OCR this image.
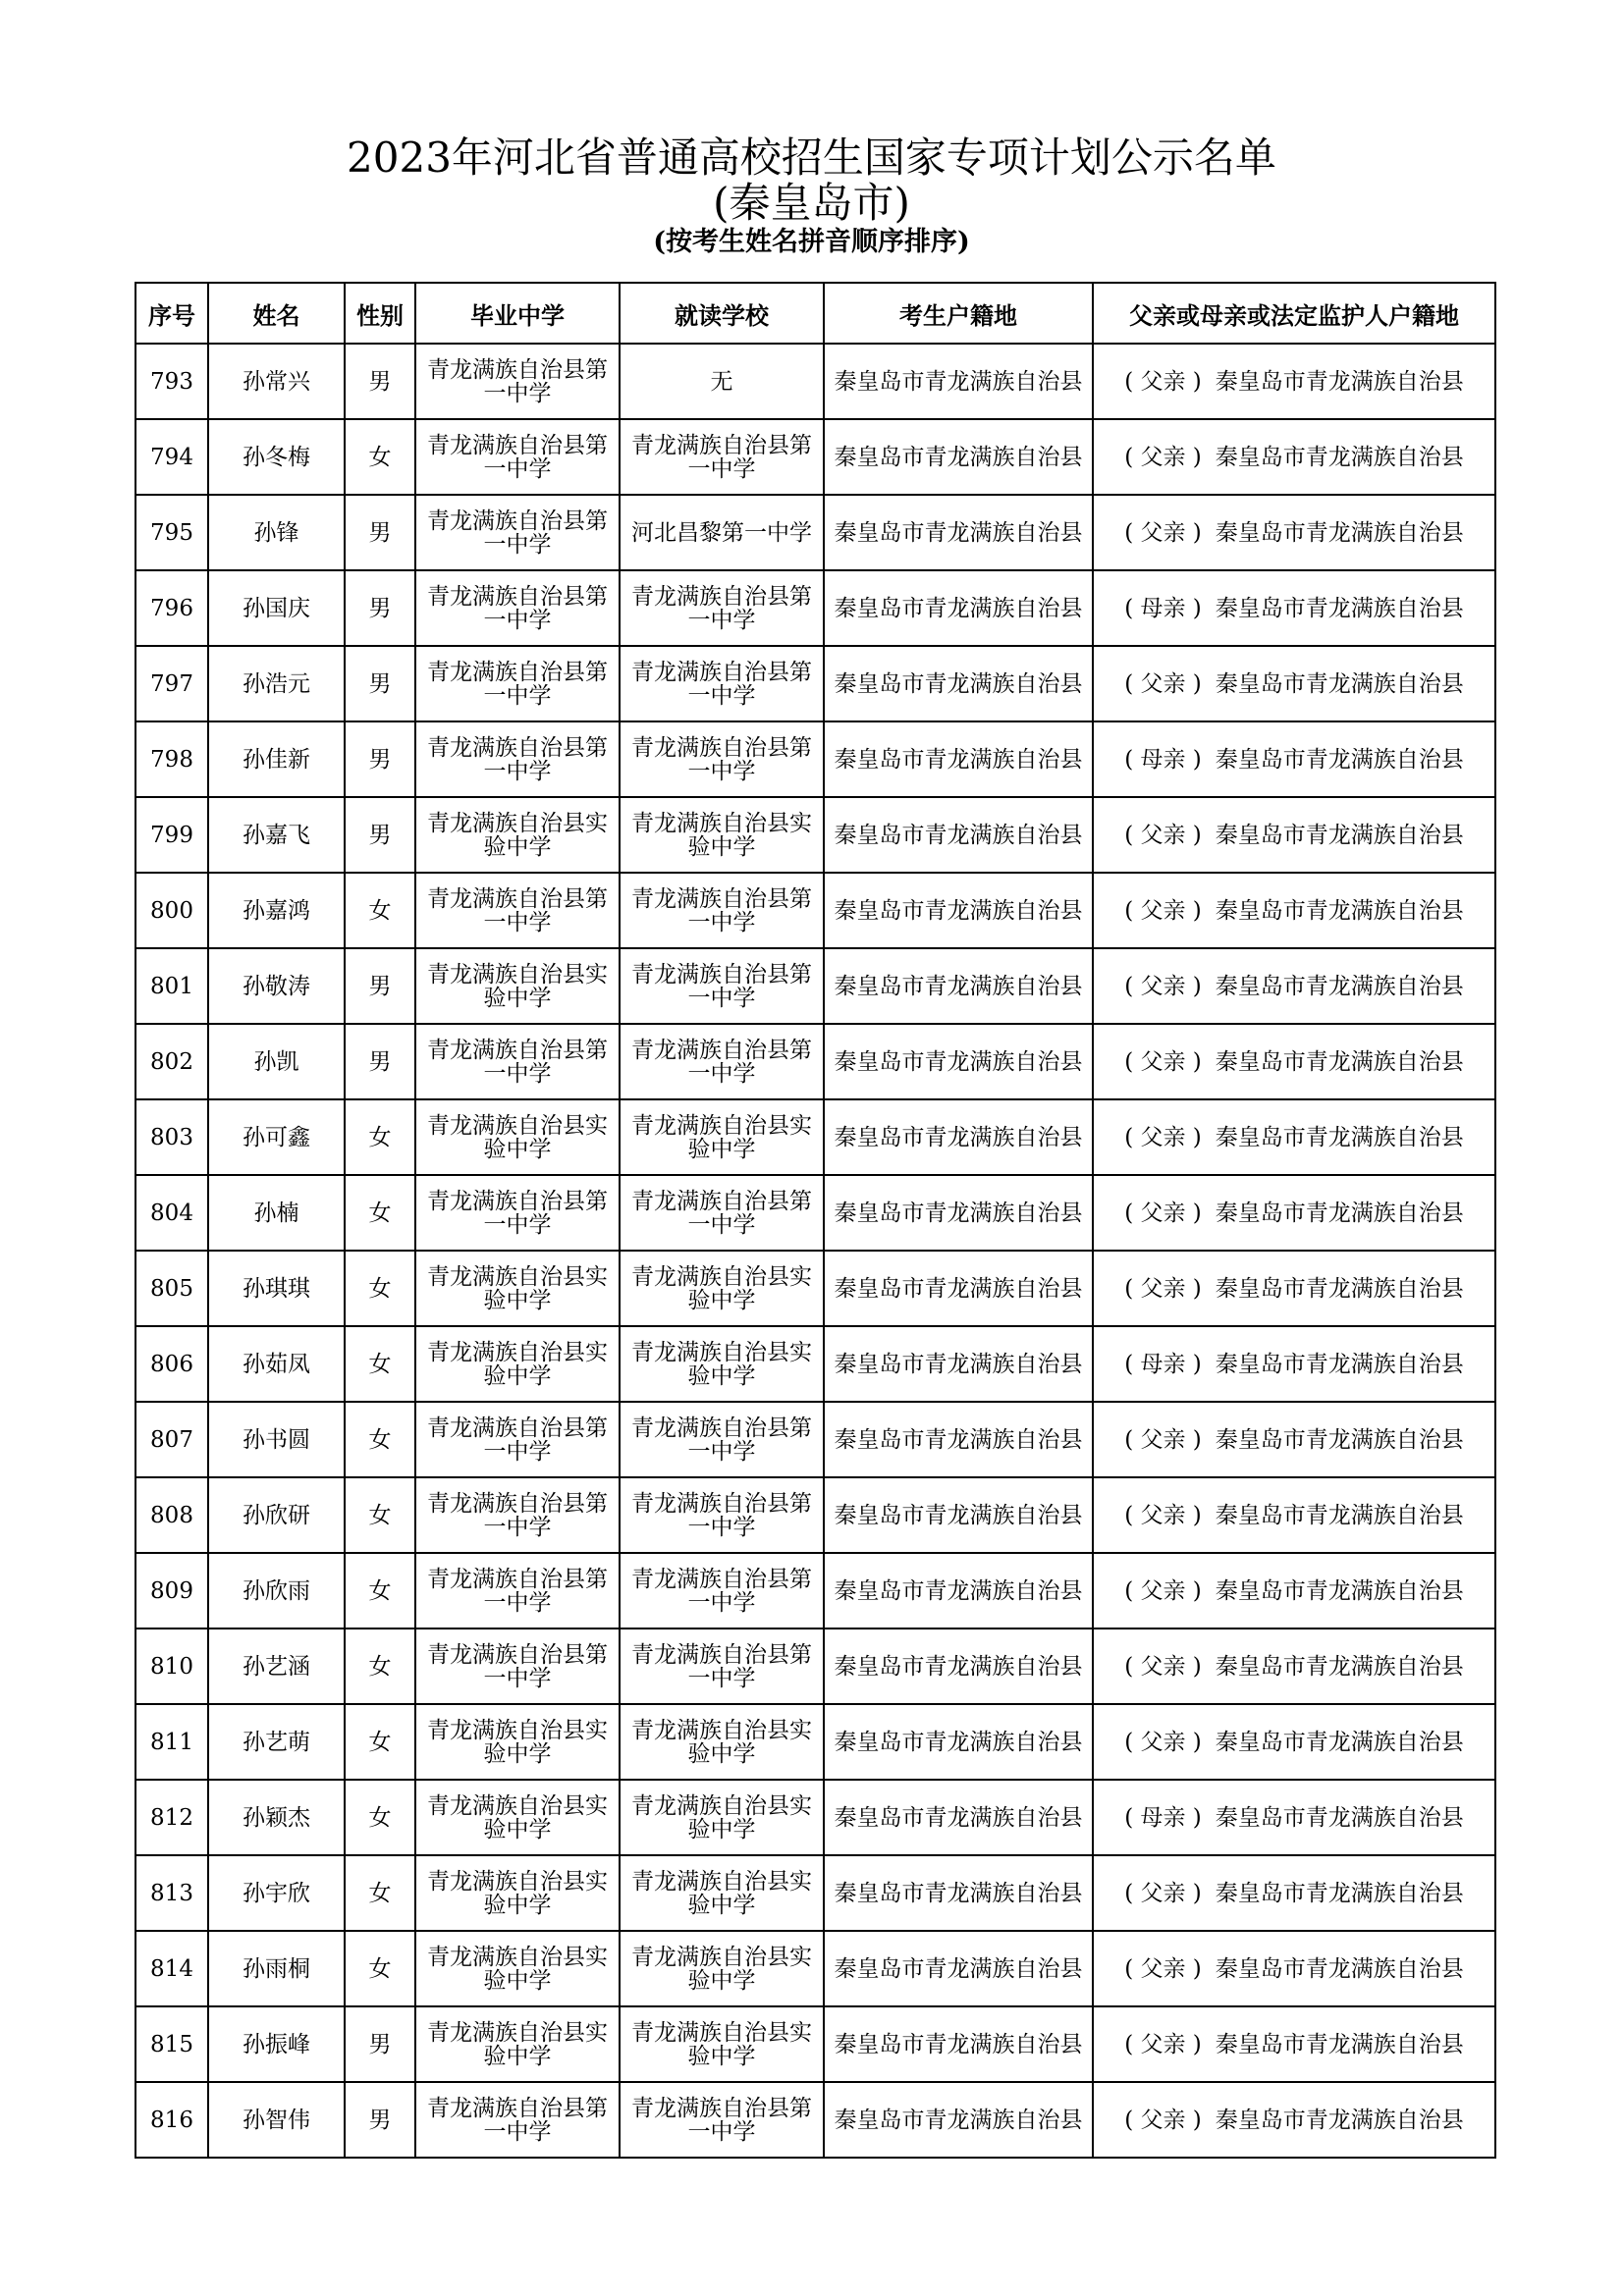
2023年河北省普通高校招生国家专项计划公示名单
(秦皇岛市)
(按考生姓名拼音顺序排序)
序号	姓名	性别	毕业中学	就读学校	考生户籍地	父亲或母亲或法定监护人户籍地
793	孙常兴	男	青龙满族自治县第一中学	无	秦皇岛市青龙满族自治县	( 父亲 ) 秦皇岛市青龙满族自治县
794	孙冬梅	女	青龙满族自治县第一中学	青龙满族自治县第一中学	秦皇岛市青龙满族自治县	( 父亲 ) 秦皇岛市青龙满族自治县
795	孙锋	男	青龙满族自治县第一中学	河北昌黎第一中学	秦皇岛市青龙满族自治县	( 父亲 ) 秦皇岛市青龙满族自治县
796	孙国庆	男	青龙满族自治县第一中学	青龙满族自治县第一中学	秦皇岛市青龙满族自治县	( 母亲 ) 秦皇岛市青龙满族自治县
797	孙浩元	男	青龙满族自治县第一中学	青龙满族自治县第一中学	秦皇岛市青龙满族自治县	( 父亲 ) 秦皇岛市青龙满族自治县
798	孙佳新	男	青龙满族自治县第一中学	青龙满族自治县第一中学	秦皇岛市青龙满族自治县	( 母亲 ) 秦皇岛市青龙满族自治县
799	孙嘉飞	男	青龙满族自治县实验中学	青龙满族自治县实验中学	秦皇岛市青龙满族自治县	( 父亲 ) 秦皇岛市青龙满族自治县
800	孙嘉鸿	女	青龙满族自治县第一中学	青龙满族自治县第一中学	秦皇岛市青龙满族自治县	( 父亲 ) 秦皇岛市青龙满族自治县
801	孙敬涛	男	青龙满族自治县实验中学	青龙满族自治县第一中学	秦皇岛市青龙满族自治县	( 父亲 ) 秦皇岛市青龙满族自治县
802	孙凯	男	青龙满族自治县第一中学	青龙满族自治县第一中学	秦皇岛市青龙满族自治县	( 父亲 ) 秦皇岛市青龙满族自治县
803	孙可鑫	女	青龙满族自治县实验中学	青龙满族自治县实验中学	秦皇岛市青龙满族自治县	( 父亲 ) 秦皇岛市青龙满族自治县
804	孙楠	女	青龙满族自治县第一中学	青龙满族自治县第一中学	秦皇岛市青龙满族自治县	( 父亲 ) 秦皇岛市青龙满族自治县
805	孙琪琪	女	青龙满族自治县实验中学	青龙满族自治县实验中学	秦皇岛市青龙满族自治县	( 父亲 ) 秦皇岛市青龙满族自治县
806	孙茹凤	女	青龙满族自治县实验中学	青龙满族自治县实验中学	秦皇岛市青龙满族自治县	( 母亲 ) 秦皇岛市青龙满族自治县
807	孙书圆	女	青龙满族自治县第一中学	青龙满族自治县第一中学	秦皇岛市青龙满族自治县	( 父亲 ) 秦皇岛市青龙满族自治县
808	孙欣研	女	青龙满族自治县第一中学	青龙满族自治县第一中学	秦皇岛市青龙满族自治县	( 父亲 ) 秦皇岛市青龙满族自治县
809	孙欣雨	女	青龙满族自治县第一中学	青龙满族自治县第一中学	秦皇岛市青龙满族自治县	( 父亲 ) 秦皇岛市青龙满族自治县
810	孙艺涵	女	青龙满族自治县第一中学	青龙满族自治县第一中学	秦皇岛市青龙满族自治县	( 父亲 ) 秦皇岛市青龙满族自治县
811	孙艺萌	女	青龙满族自治县实验中学	青龙满族自治县实验中学	秦皇岛市青龙满族自治县	( 父亲 ) 秦皇岛市青龙满族自治县
812	孙颖杰	女	青龙满族自治县实验中学	青龙满族自治县实验中学	秦皇岛市青龙满族自治县	( 母亲 ) 秦皇岛市青龙满族自治县
813	孙宇欣	女	青龙满族自治县实验中学	青龙满族自治县实验中学	秦皇岛市青龙满族自治县	( 父亲 ) 秦皇岛市青龙满族自治县
814	孙雨桐	女	青龙满族自治县实验中学	青龙满族自治县实验中学	秦皇岛市青龙满族自治县	( 父亲 ) 秦皇岛市青龙满族自治县
815	孙振峰	男	青龙满族自治县实验中学	青龙满族自治县实验中学	秦皇岛市青龙满族自治县	( 父亲 ) 秦皇岛市青龙满族自治县
816	孙智伟	男	青龙满族自治县第一中学	青龙满族自治县第一中学	秦皇岛市青龙满族自治县	( 父亲 ) 秦皇岛市青龙满族自治县
